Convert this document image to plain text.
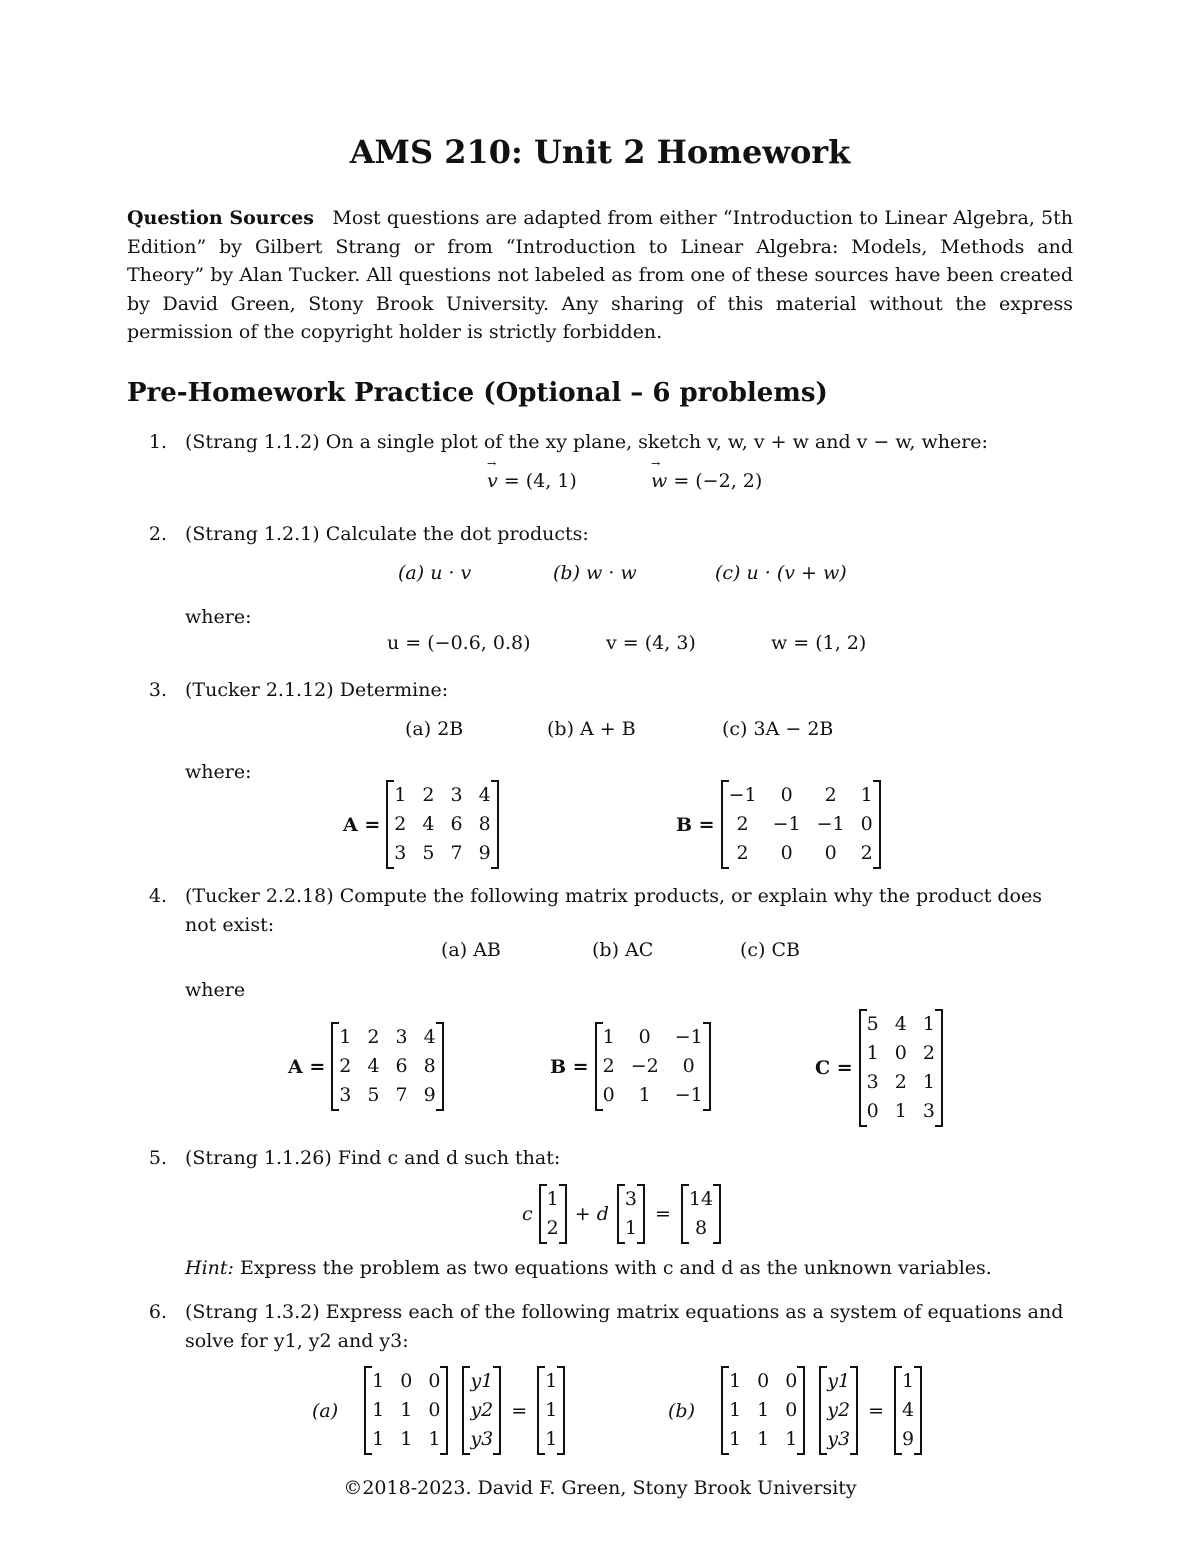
AMS 210: Unit 2 Homework
Question Sources Most questions are adapted from either “Introduction to Linear Algebra, 5th Edition” by Gilbert Strang or from “Introduction to Linear Algebra: Models, Methods and Theory” by Alan Tucker. All questions not labeled as from one of these sources have been created by David Green, Stony Brook University. Any sharing of this material without the express permission of the copyright holder is strictly forbidden.
Pre-Homework Practice (Optional – 6 problems)
1. (Strang 1.1.2) On a single plot of the xy plane, sketch v, w, v + w and v − w, where:
→ v = (4, 1)
→	w = (−2, 2)
2. (Strang 1.2.1) Calculate the dot products:
(a) u · v	(b) w · w	(c) u · (v + w)
where:
u = (−0.6, 0.8)	v = (4, 3)	w = (1, 2)
3. (Tucker 2.1.12) Determine:
(a) 2B	(b) A + B	(c) 3A − 2B
where:
A =
1 2 3 4
2 4 6 8
3 5 7 9
B =
−1	0	2	1
2	−1 −1 0
2	0	0	2
4. (Tucker 2.2.18) Compute the following matrix products, or explain why the product does not exist:
(a) AB	(b) AC	(c) CB
where
A =
1 2 3 4
2 4 6 8
3 5 7 9
B =
1	0	−1
2 −2	0
0	1	−1
C =
5 4 1
1 0 2
3 2 1
0 1 3
5. (Strang 1.1.26) Find c and d such that:
c
1
2
+ d
3
1
=
14
8
Hint: Express the problem as two equations with c and d as the unknown variables.
6. (Strang 1.3.2) Express each of the following matrix equations as a system of equations and solve for y1, y2 and y3:
(a)
1 0 0
1 1 0
1 1 1
y1
y2
y3
=
1
1
1
(b)
1 0 0
1 1 0
1 1 1
y1
y2
y3
=
1
4
9
©2018-2023. David F. Green, Stony Brook University
